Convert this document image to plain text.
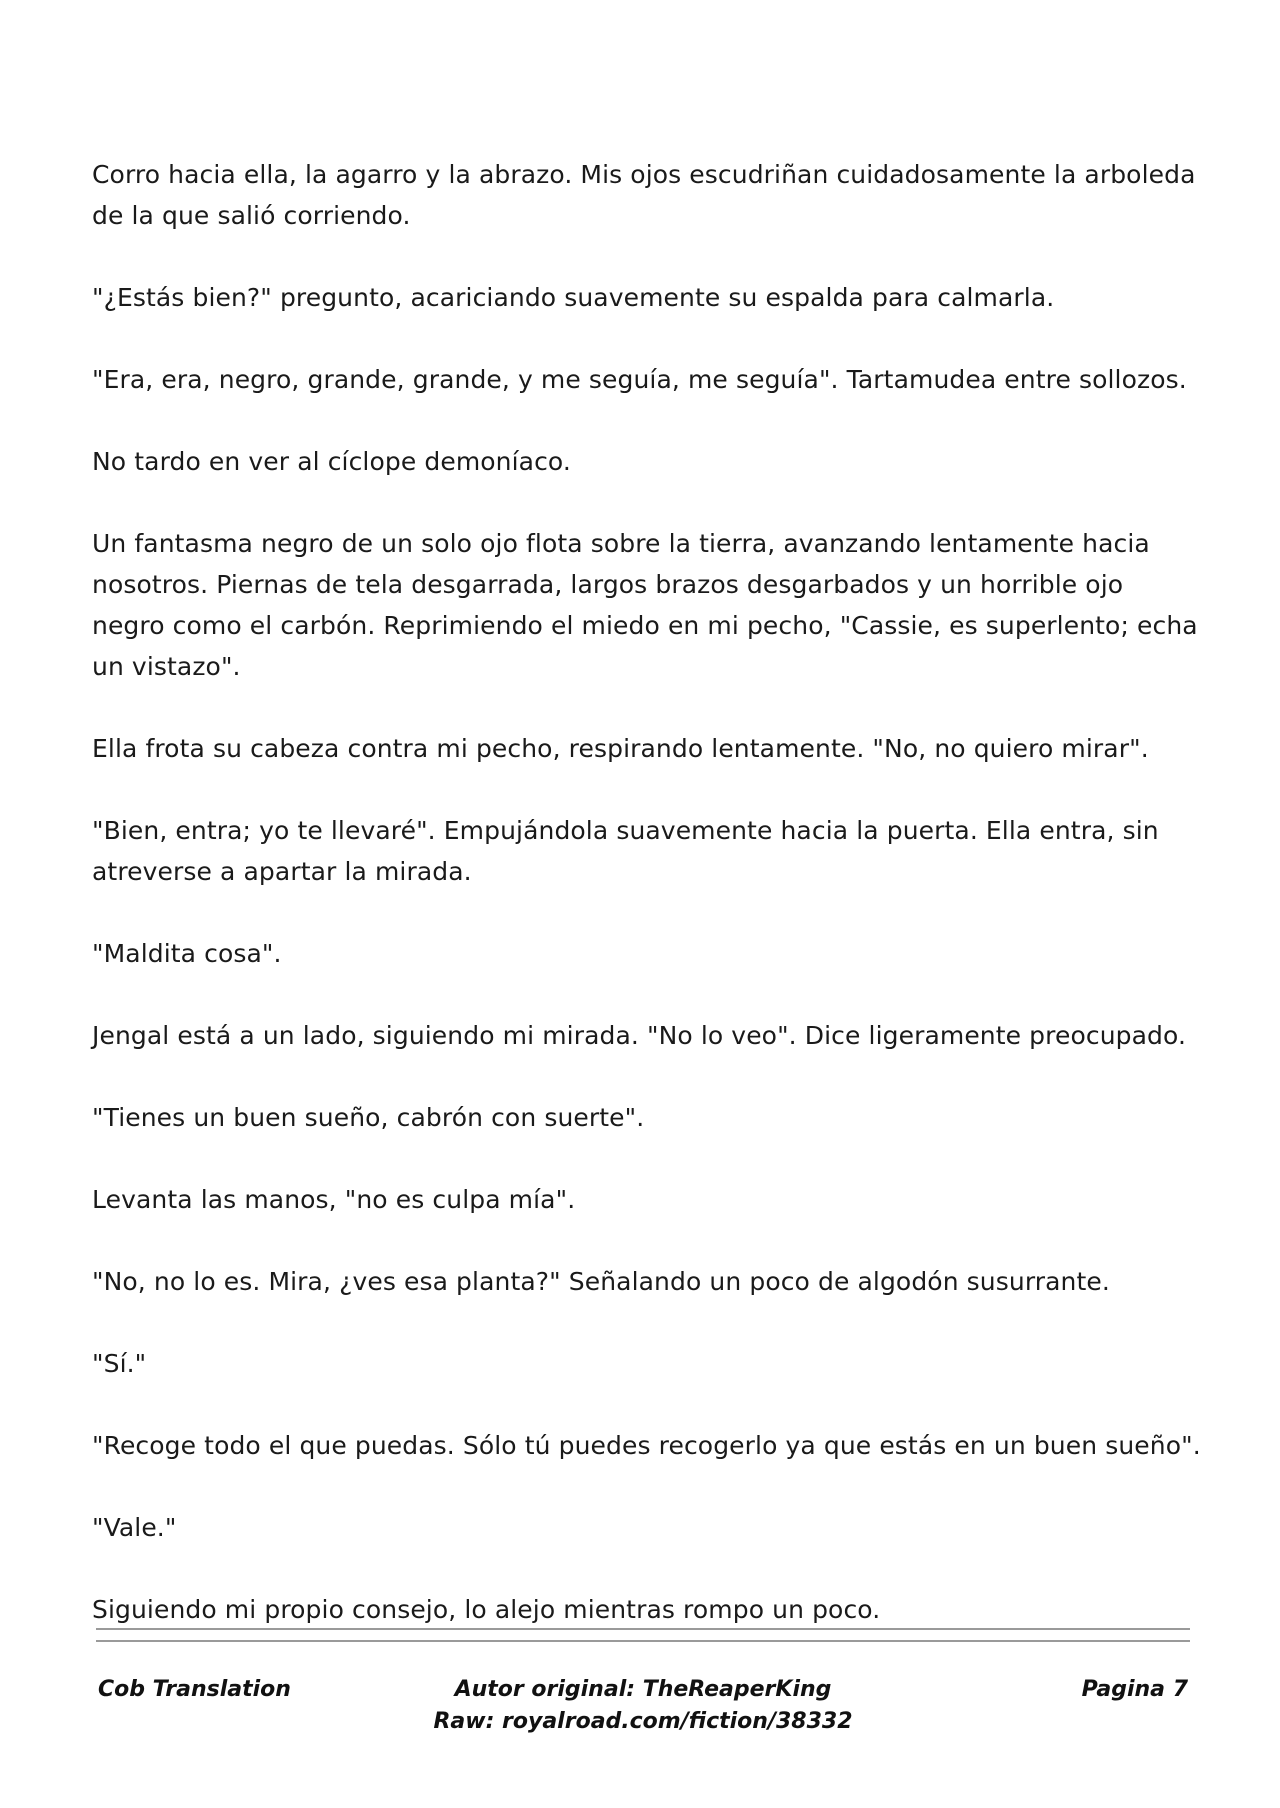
Corro hacia ella, la agarro y la abrazo. Mis ojos escudriñan cuidadosamente la arboleda de la que salió corriendo.

"¿Estás bien?" pregunto, acariciando suavemente su espalda para calmarla.

"Era, era, negro, grande, grande, y me seguía, me seguía". Tartamudea entre sollozos.

No tardo en ver al cíclope demoníaco.

Un fantasma negro de un solo ojo flota sobre la tierra, avanzando lentamente hacia nosotros. Piernas de tela desgarrada, largos brazos desgarbados y un horrible ojo negro como el carbón. Reprimiendo el miedo en mi pecho, "Cassie, es superlento; echa un vistazo".

Ella frota su cabeza contra mi pecho, respirando lentamente. "No, no quiero mirar".

"Bien, entra; yo te llevaré". Empujándola suavemente hacia la puerta. Ella entra, sin atreverse a apartar la mirada.

"Maldita cosa".

Jengal está a un lado, siguiendo mi mirada. "No lo veo". Dice ligeramente preocupado.

"Tienes un buen sueño, cabrón con suerte".

Levanta las manos, "no es culpa mía".

"No, no lo es. Mira, ¿ves esa planta?" Señalando un poco de algodón susurrante.

"Sí."

"Recoge todo el que puedas. Sólo tú puedes recogerlo ya que estás en un buen sueño".

"Vale."

Siguiendo mi propio consejo, lo alejo mientras rompo un poco.

Cob Translation	Autor original: TheReaperKing
Raw: royalroad.com/fiction/38332
Pagina 7
